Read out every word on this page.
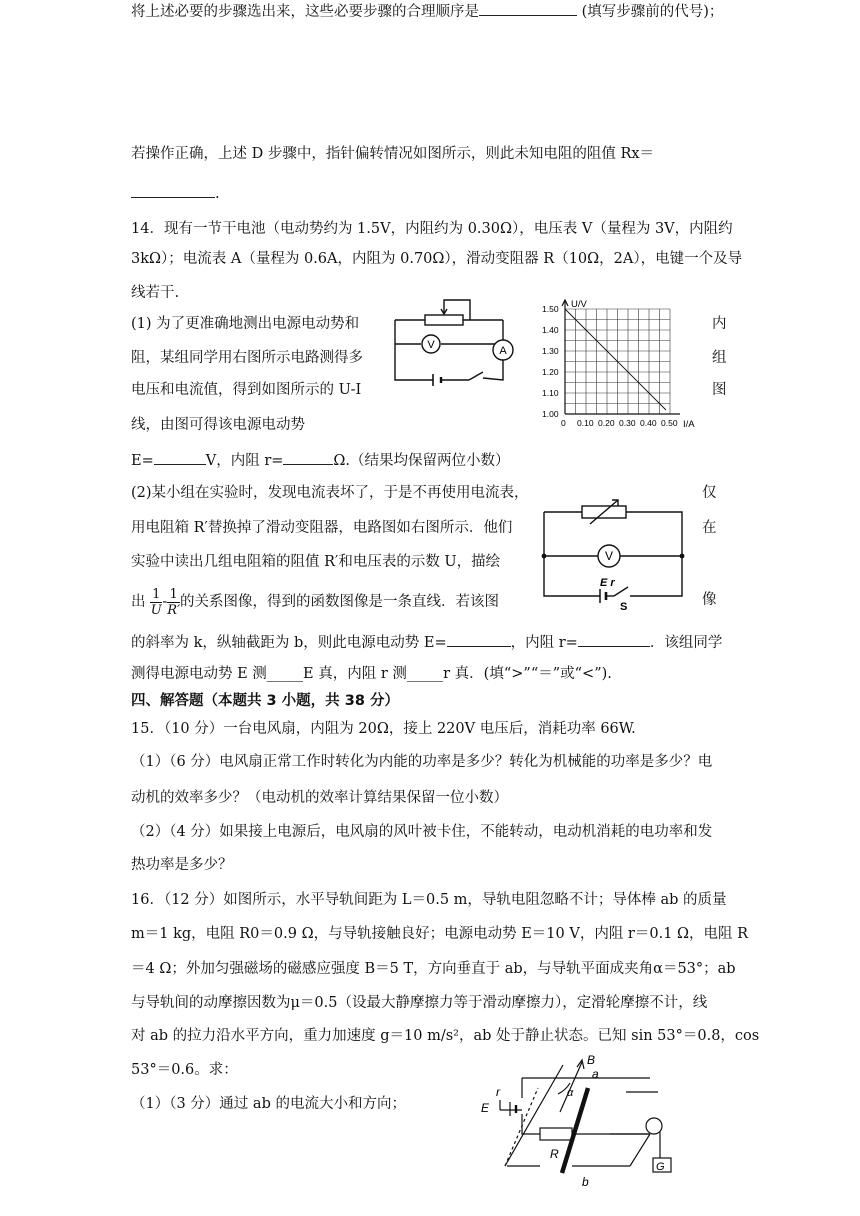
将上述必要的步骤选出来，这些必要步骤的合理顺序是	(填写步骤前的代号)；
若操作正确，上述 D 步骤中，指针偏转情况如图所示，则此未知电阻的阻值 Rx＝
.
14．现有一节干电池（电动势约为 1.5V，内阻约为 0.30Ω），电压表 V（量程为 3V，内阻约
3kΩ）；电流表 A（量程为 0.6A，内阻为 0.70Ω），滑动变阻器 R（10Ω，2A），电键一个及导
线若干.
(1) 为了更准确地测出电源电动势和
阻，某组同学用右图所示电路测得多
电压和电流值，得到如图所示的 U-I
线，由图可得该电源电动势
内
组
图
E=	V，内阻 r=	Ω.（结果均保留两位小数）
(2)某小组在实验时，发现电流表坏了，于是不再使用电流表，
用电阻箱 R′替换掉了滑动变阻器，电路图如右图所示．他们
实验中读出几组电阻箱的阻值 R′和电压表的示数 U，描绘
仅
在
像
出 $\frac{1}{U} - \frac{1}{R'}$ 的关系图像，得到的函数图像是一条直线．若该图
的斜率为 k，纵轴截距为 b，则此电源电动势 E=	，内阻 r=	．该组同学
测得电源电动势 E 测_____E 真，内阻 r 测_____r 真．(填“>”“＝”或“<”).
四、解答题（本题共 3 小题，共 38 分）
15．（10 分）一台电风扇，内阻为 20Ω，接上 220V 电压后，消耗功率 66W.
（1）（6 分）电风扇正常工作时转化为内能的功率是多少？转化为机械能的功率是多少？电
动机的效率多少？（电动机的效率计算结果保留一位小数）
（2）（4 分）如果接上电源后，电风扇的风叶被卡住，不能转动，电动机消耗的电功率和发
热功率是多少？
16．（12 分）如图所示，水平导轨间距为 L＝0.5 m，导轨电阻忽略不计；导体棒 ab 的质量
m＝1 kg，电阻 R0＝0.9 Ω，与导轨接触良好；电源电动势 E＝10 V，内阻 r＝0.1 Ω，电阻 R
＝4 Ω；外加匀强磁场的磁感应强度 B＝5 T，方向垂直于 ab，与导轨平面成夹角α＝53°；ab
与导轨间的动摩擦因数为μ＝0.5（设最大静摩擦力等于滑动摩擦力），定滑轮摩擦不计，线
对 ab 的拉力沿水平方向，重力加速度 g＝10 m/s²，ab 处于静止状态。已知 sin 53°＝0.8，cos
53°＝0.6。求：
（1）（3 分）通过 ab 的电流大小和方向；
V	A
U/V
I/A
1.50
1.40
1.30
1.20
1.10
1.00
0 0.10 0.20 0.30 0.40 0.50
V
E r
S
B
a
b
α
E
r
R
G
